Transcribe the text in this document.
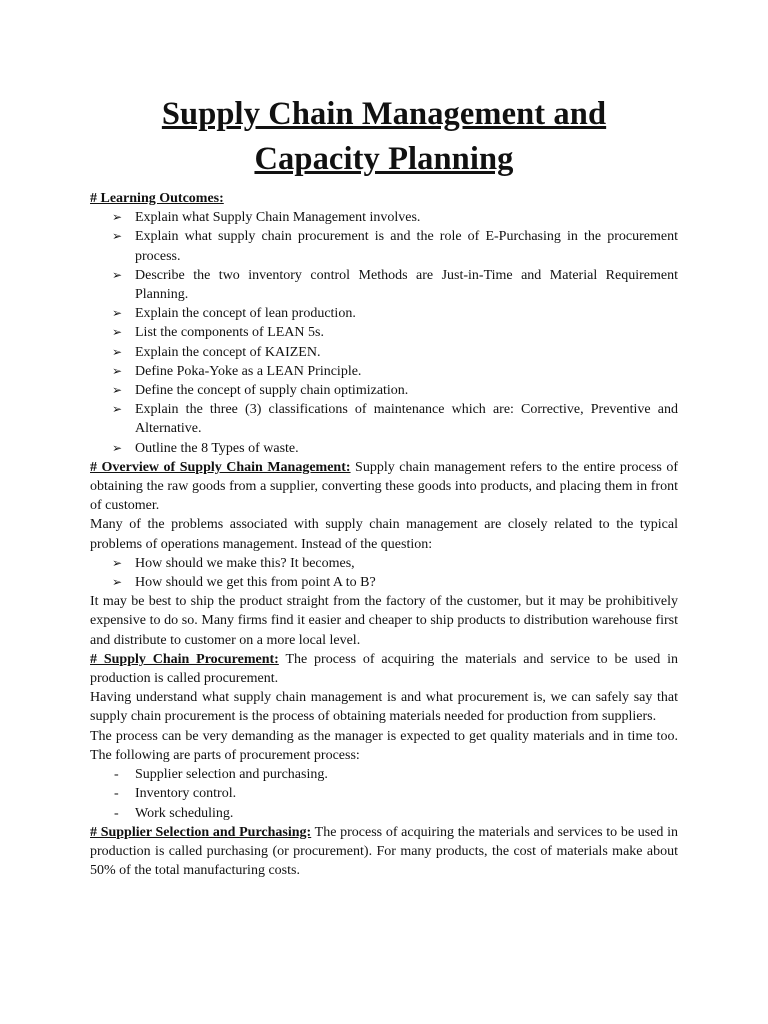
Supply Chain Management and
Capacity Planning

# Learning Outcomes:

➢ Explain what Supply Chain Management involves.
➢ Explain what supply chain procurement is and the role of E-Purchasing in the procurement process.
➢ Describe the two inventory control Methods are Just-in-Time and Material Requirement Planning.
➢ Explain the concept of lean production.
➢ List the components of LEAN 5s.
➢ Explain the concept of KAIZEN.
➢ Define Poka-Yoke as a LEAN Principle.
➢ Define the concept of supply chain optimization.
➢ Explain the three (3) classifications of maintenance which are: Corrective, Preventive and Alternative.
➢ Outline the 8 Types of waste.

# Overview of Supply Chain Management: Supply chain management refers to the entire process of obtaining the raw goods from a supplier, converting these goods into products, and placing them in front of customer.

Many of the problems associated with supply chain management are closely related to the typical problems of operations management. Instead of the question:

➢ How should we make this? It becomes,
➢ How should we get this from point A to B?

It may be best to ship the product straight from the factory of the customer, but it may be prohibitively expensive to do so. Many firms find it easier and cheaper to ship products to distribution warehouse first and distribute to customer on a more local level.

# Supply Chain Procurement: The process of acquiring the materials and service to be used in production is called procurement.

Having understand what supply chain management is and what procurement is, we can safely say that supply chain procurement is the process of obtaining materials needed for production from suppliers.

The process can be very demanding as the manager is expected to get quality materials and in time too. The following are parts of procurement process:

- Supplier selection and purchasing.
- Inventory control.
- Work scheduling.

# Supplier Selection and Purchasing: The process of acquiring the materials and services to be used in production is called purchasing (or procurement). For many products, the cost of materials make about 50% of the total manufacturing costs.
